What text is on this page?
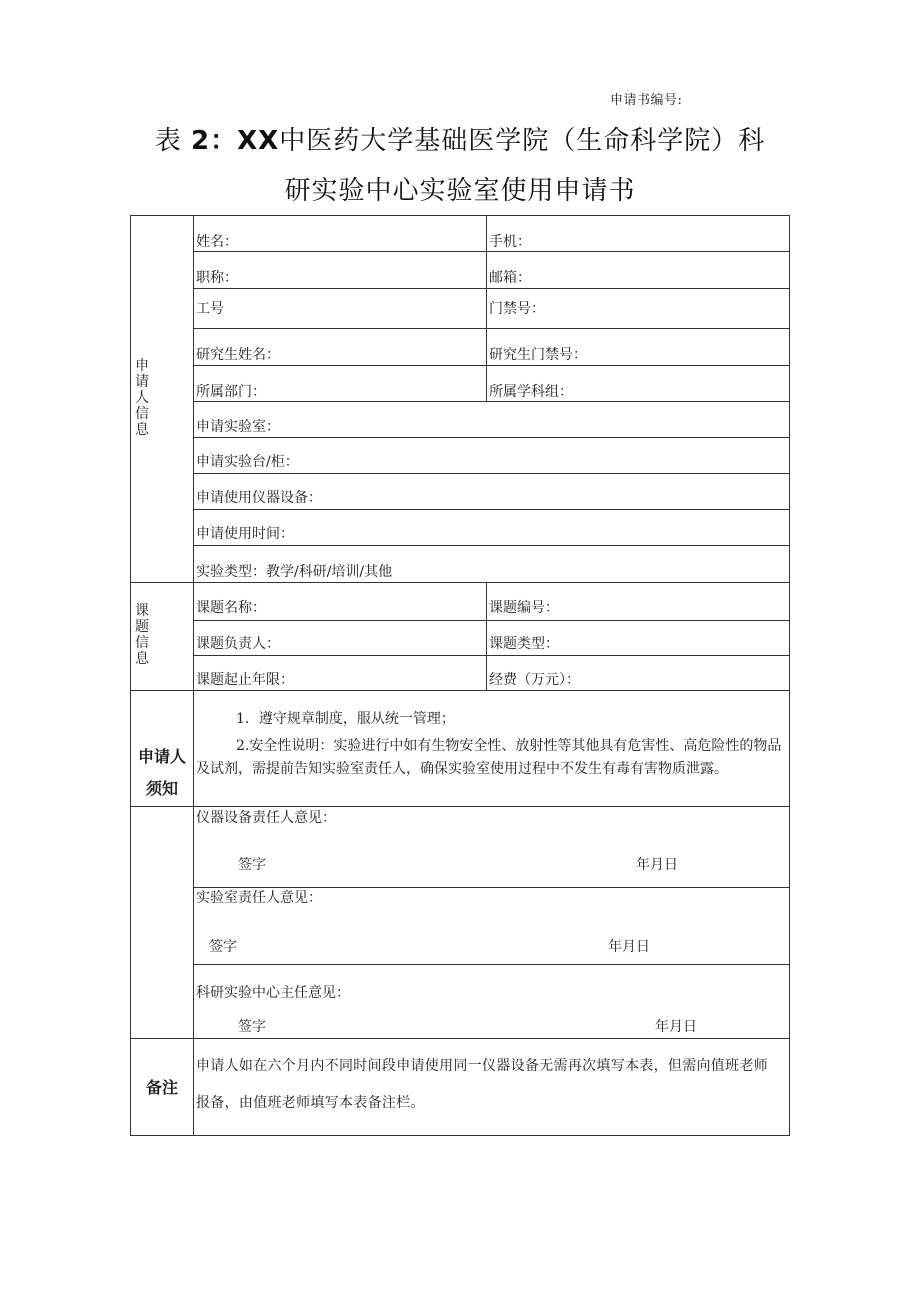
申请书编号:
表 2：XX中医药大学基础医学院（生命科学院）科
研实验中心实验室使用申请书
申请人信息
姓名：	手机：
职称：	邮箱：
工号	门禁号：
研究生姓名：	研究生门禁号：
所属部门：	所属学科组：
申请实验室：
申请实验台/柜：
申请使用仪器设备：
申请使用时间：
实验类型：教学/科研/培训/其他
课题信息
课题名称：	课题编号：
课题负责人：	课题类型：
课题起止年限：	经费（万元）：
申请人
须知
1．遵守规章制度，服从统一管理；
2.安全性说明：实验进行中如有生物安全性、放射性等其他具有危害性、高危险性的物品及试剂，需提前告知实验室责任人，确保实验室使用过程中不发生有毒有害物质泄露。
仪器设备责任人意见：
签字	年月日
实验室责任人意见：
签字	年月日
科研实验中心主任意见：
签字	年月日
备注
申请人如在六个月内不同时间段申请使用同一仪器设备无需再次填写本表，但需向值班老师报备，由值班老师填写本表备注栏。
